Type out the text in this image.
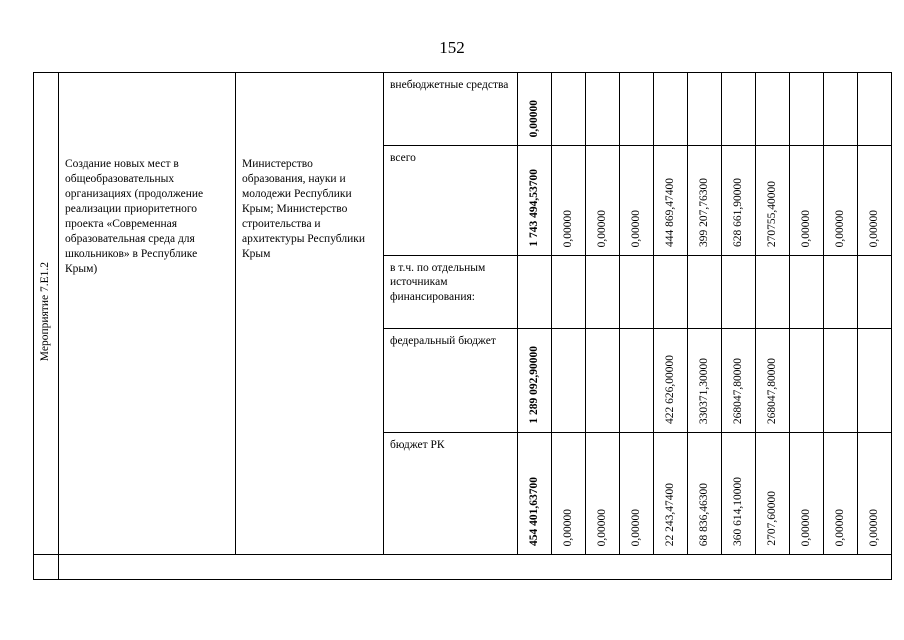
152
Мероприятие 7.E1.2	Создание новых мест в общеобразовательных организациях (продолжение реализации приоритетного проекта «Современная образовательная среда для школьников» в Республике Крым)	Министерство образования, науки и молодежи Республики Крым; Министерство строительства и архитектуры Республики Крым	внебюджетные средства	0,00000										

			всего	1 743 494,53700	0,00000	0,00000	0,00000	444 869,47400	399 207,76300	628 661,90000	270755,40000	0,00000	0,00000	0,00000

			в т.ч. по отдельным источникам финансирования:											

			федеральный бюджет	1 289 092,90000				422 626,00000	330371,30000	268047,80000	268047,80000			

			бюджет РК	454 401,63700	0,00000	0,00000	0,00000	22 243,47400	68 836,46300	360 614,10000	2707,60000	0,00000	0,00000	0,00000
